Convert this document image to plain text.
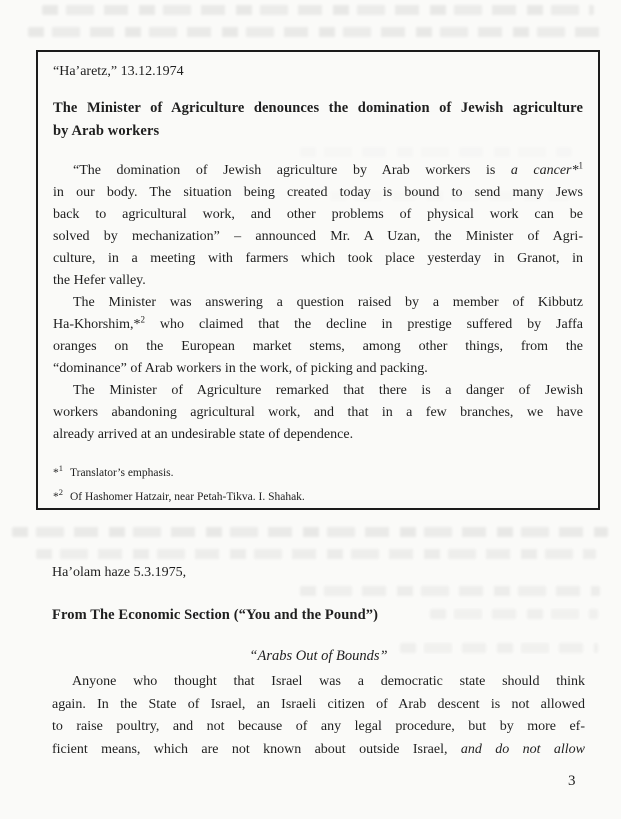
“Ha’aretz,” 13.12.1974
The Minister of Agriculture denounces the domination of Jewish agriculture
by Arab workers
“The domination of Jewish agriculture by Arab workers is a cancer*$^1$
in our body. The situation being created today is bound to send many Jews
back to agricultural work, and other problems of physical work can be
solved by mechanization” – announced Mr. A Uzan, the Minister of Agri-
culture, in a meeting with farmers which took place yesterday in Granot, in
the Hefer valley.
The Minister was answering a question raised by a member of Kibbutz
Ha-Khorshim,*$^2$ who claimed that the decline in prestige suffered by Jaffa
oranges on the European market stems, among other things, from the
“dominance” of Arab workers in the work, of picking and packing.
The Minister of Agriculture remarked that there is a danger of Jewish
workers abandoning agricultural work, and that in a few branches, we have
already arrived at an undesirable state of dependence.
*$^1$ Translator’s emphasis.
*$^2$ Of Hashomer Hatzair, near Petah-Tikva. I. Shahak.
Ha’olam haze 5.3.1975,
From The Economic Section (“You and the Pound”)
“Arabs Out of Bounds”
Anyone who thought that Israel was a democratic state should think
again. In the State of Israel, an Israeli citizen of Arab descent is not allowed
to raise poultry, and not because of any legal procedure, but by more ef-
ficient means, which are not known about outside Israel, and do not allow
3
